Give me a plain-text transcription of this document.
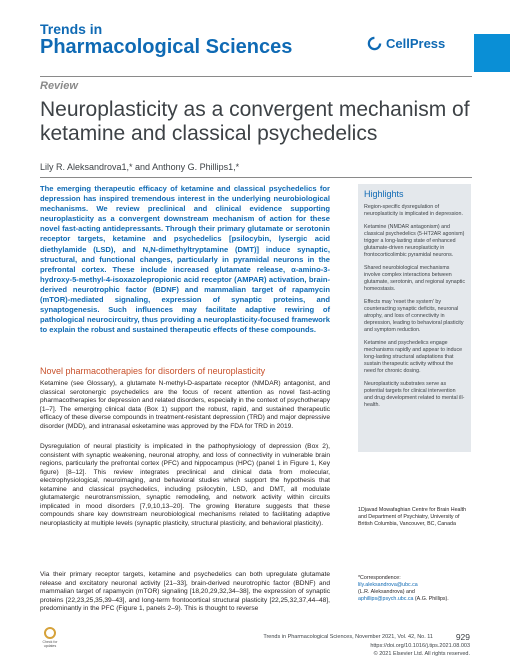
Trends in
Pharmacological Sciences	CellPress
Review
Neuroplasticity as a convergent mechanism of ketamine and classical psychedelics
Lily R. Aleksandrova1,* and Anthony G. Phillips1,*

The emerging therapeutic efficacy of ketamine and classical psychedelics for depression has inspired tremendous interest in the underlying neurobiological mechanisms. We review preclinical and clinical evidence supporting neuroplasticity as a convergent downstream mechanism of action for these novel fast-acting antidepressants. Through their primary glutamate or serotonin receptor targets, ketamine and psychedelics [psilocybin, lysergic acid diethylamide (LSD), and N,N-dimethyltryptamine (DMT)] induce synaptic, structural, and functional changes, particularly in pyramidal neurons in the prefrontal cortex. These include increased glutamate release, α-amino-3-hydroxy-5-methyl-4-isoxazolepropionic acid receptor (AMPAR) activation, brain-derived neurotrophic factor (BDNF) and mammalian target of rapamycin (mTOR)-mediated signaling, expression of synaptic proteins, and synaptogenesis. Such influences may facilitate adaptive rewiring of pathological neurocircuitry, thus providing a neuroplasticity-focused framework to explain the robust and sustained therapeutic effects of these compounds.

Highlights

Region-specific dysregulation of neuroplasticity is implicated in depression.

Ketamine (NMDAR antagonism) and classical psychedelics (5-HT2AR agonism) trigger a long-lasting state of enhanced glutamate-driven neuroplasticity in frontocorticolimbic pyramidal neurons.

Shared neurobiological mechanisms involve complex interactions between glutamate, serotonin, and regional synaptic homeostasis.

Effects may 'reset the system' by counteracting synaptic deficits, neuronal atrophy, and loss of connectivity in depression, leading to behavioral plasticity and symptom reduction.

Ketamine and psychedelics engage mechanisms rapidly and appear to induce long-lasting structural adaptations that sustain therapeutic activity without the need for chronic dosing.

Neuroplasticity substrates serve as potential targets for clinical intervention and drug development related to mental ill-health.

Novel pharmacotherapies for disorders of neuroplasticity

Ketamine (see Glossary), a glutamate N-methyl-D-aspartate receptor (NMDAR) antagonist, and classical serotonergic psychedelics are the focus of recent attention as novel fast-acting pharmacotherapies for depression and related disorders, especially in the context of psychotherapy [1–7]. The emerging clinical data (Box 1) support the robust, rapid, and sustained therapeutic efficacy of these diverse compounds in treatment-resistant depression (TRD) and major depressive disorder (MDD), and intranasal esketamine was approved by the FDA for TRD in 2019.

Dysregulation of neural plasticity is implicated in the pathophysiology of depression (Box 2), consistent with synaptic weakening, neuronal atrophy, and loss of connectivity in vulnerable brain regions, particularly the prefrontal cortex (PFC) and hippocampus (HPC) (panel 1 in Figure 1, Key figure) [8–12]. This review integrates preclinical and clinical data from molecular, electrophysiological, neuroimaging, and behavioral studies which support the hypothesis that ketamine and classical psychedelics, including psilocybin, LSD, and DMT, all modulate glutamatergic neurotransmission, synaptic remodeling, and network activity within circuits implicated in mood disorders [7,9,10,13–20]. The growing literature suggests that these compounds share key downstream neurobiological mechanisms related to facilitating adaptive neuroplasticity at multiple levels (synaptic plasticity, structural plasticity, and behavioral plasticity).

Via their primary receptor targets, ketamine and psychedelics can both upregulate glutamate release and excitatory neuronal activity [21–33], brain-derived neurotrophic factor (BDNF) and mammalian target of rapamycin (mTOR) signaling [18,20,29,32,34–38], the expression of synaptic proteins [22,23,25,35,39–43], and long-term frontocortical structural plasticity [22,25,32,37,44–48], predominantly in the PFC (Figure 1, panels 2–9). This is thought to reverse

1Djavad Mowafaghian Centre for Brain Health and Department of Psychiatry, University of British Columbia, Vancouver, BC, Canada
*Correspondence:
lily.aleksandrova@ubc.ca
(L.R. Aleksandrova) and
aphillips@psych.ubc.ca (A.G. Phillips).
Check for updates
Trends in Pharmacological Sciences, November 2021, Vol. 42, No. 11	929
https://doi.org/10.1016/j.tips.2021.08.003
© 2021 Elsevier Ltd. All rights reserved.
